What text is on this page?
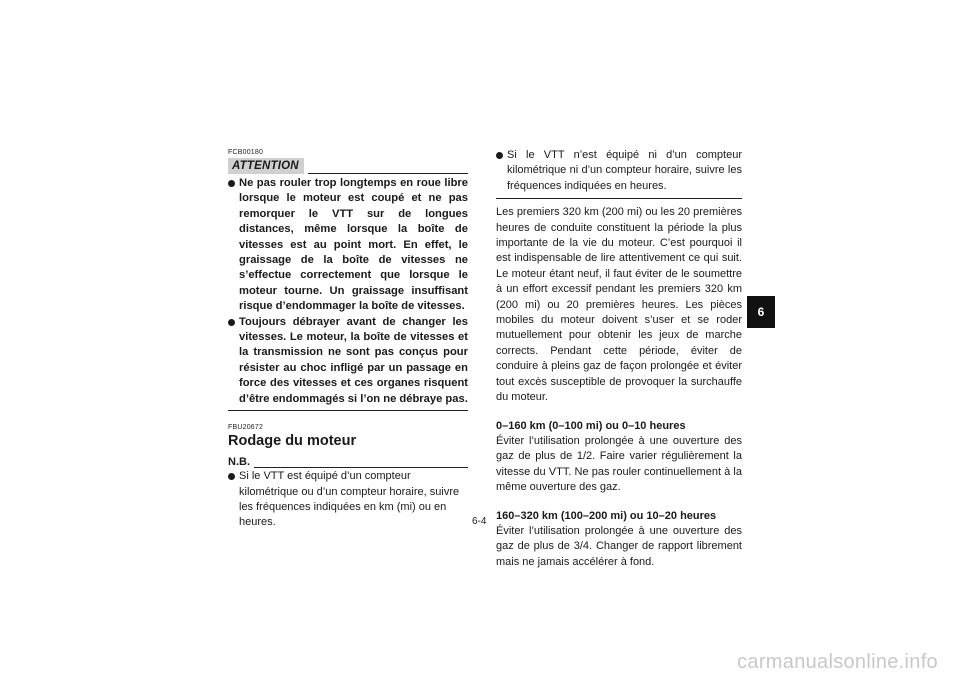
FCB00180
ATTENTION
Ne pas rouler trop longtemps en roue libre lorsque le moteur est coupé et ne pas remorquer le VTT sur de longues distances, même lorsque la boîte de vitesses est au point mort. En effet, le graissage de la boîte de vitesses ne s’effectue correctement que lorsque le moteur tourne. Un graissage insuffisant risque d’endommager la boîte de vitesses.
Toujours débrayer avant de changer les vitesses. Le moteur, la boîte de vitesses et la transmission ne sont pas conçus pour résister au choc infligé par un passage en force des vitesses et ces organes risquent d’être endommagés si l’on ne débraye pas.
FBU20672
Rodage du moteur
N.B.
Si le VTT est équipé d’un compteur kilométrique ou d’un compteur horaire, suivre les fréquences indiquées en km (mi) ou en heures.
Si le VTT n’est équipé ni d’un compteur kilométrique ni d’un compteur horaire, suivre les fréquences indiquées en heures.

Les premiers 320 km (200 mi) ou les 20 premières heures de conduite constituent la période la plus importante de la vie du moteur. C’est pourquoi il est indispensable de lire attentivement ce qui suit. Le moteur étant neuf, il faut éviter de le soumettre à un effort excessif pendant les premiers 320 km (200 mi) ou 20 premières heures. Les pièces mobiles du moteur doivent s’user et se roder mutuellement pour obtenir les jeux de marche corrects. Pendant cette période, éviter de conduire à pleins gaz de façon prolongée et éviter tout excès susceptible de provoquer la surchauffe du moteur.

0–160 km (0–100 mi) ou 0–10 heures

Éviter l’utilisation prolongée à une ouverture des gaz de plus de 1/2. Faire varier régulièrement la vitesse du VTT. Ne pas rouler continuellement à la même ouverture des gaz.

160–320 km (100–200 mi) ou 10–20 heures

Éviter l’utilisation prolongée à une ouverture des gaz de plus de 3/4. Changer de rapport librement mais ne jamais accélérer à fond.

6-4
6
carmanualsonline.info
